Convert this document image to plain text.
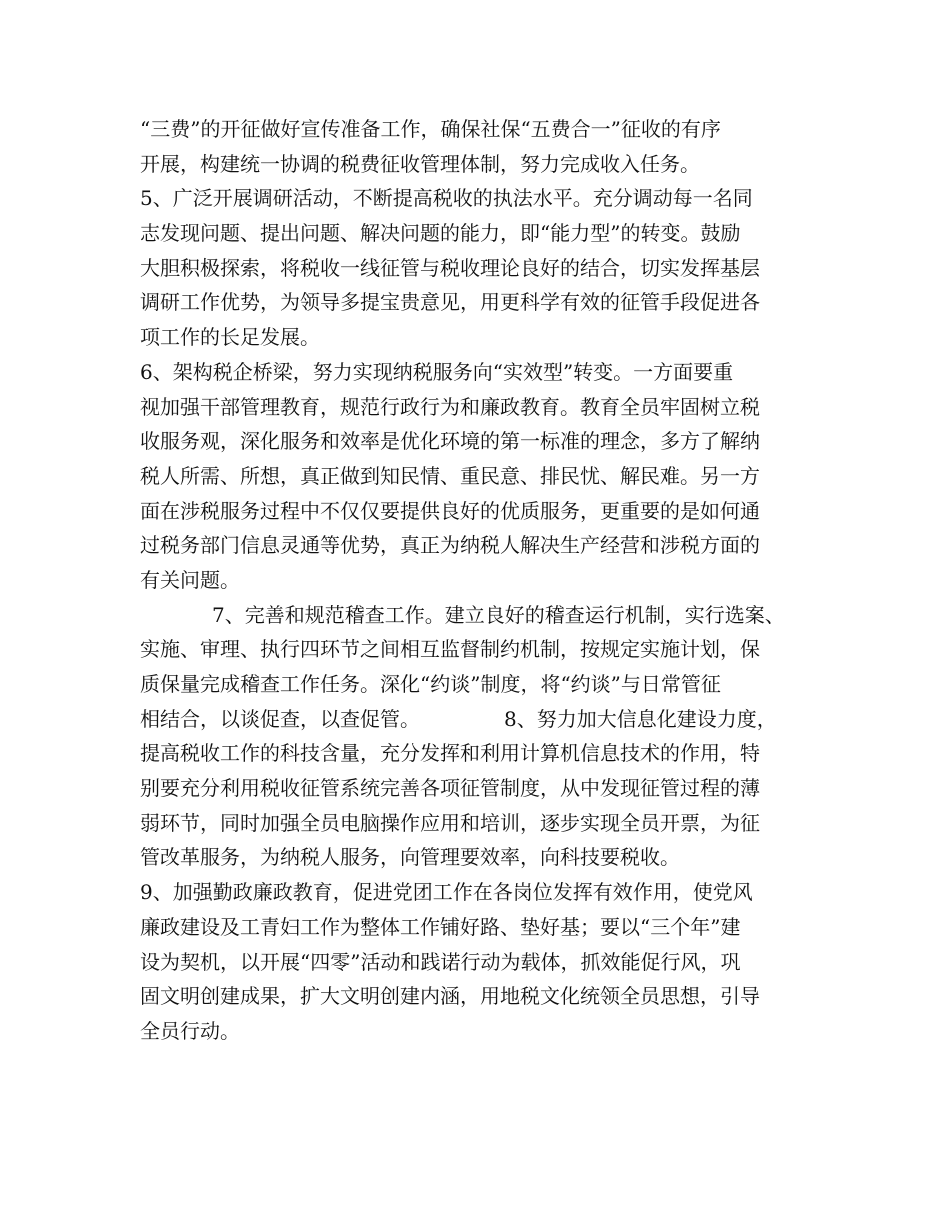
“三费”的开征做好宣传准备工作，确保社保“五费合一”征收的有序
开展，构建统一协调的税费征收管理体制，努力完成收入任务。
5、广泛开展调研活动，不断提高税收的执法水平。充分调动每一名同
志发现问题、提出问题、解决问题的能力，即“能力型”的转变。鼓励
大胆积极探索，将税收一线征管与税收理论良好的结合，切实发挥基层
调研工作优势，为领导多提宝贵意见，用更科学有效的征管手段促进各
项工作的长足发展。
6、架构税企桥梁，努力实现纳税服务向“实效型”转变。一方面要重
视加强干部管理教育，规范行政行为和廉政教育。教育全员牢固树立税
收服务观，深化服务和效率是优化环境的第一标准的理念，多方了解纳
税人所需、所想，真正做到知民情、重民意、排民忧、解民难。另一方
面在涉税服务过程中不仅仅要提供良好的优质服务，更重要的是如何通
过税务部门信息灵通等优势，真正为纳税人解决生产经营和涉税方面的
有关问题。
7、完善和规范稽查工作。建立良好的稽查运行机制，实行选案、
实施、审理、执行四环节之间相互监督制约机制，按规定实施计划，保
质保量完成稽查工作任务。深化“约谈”制度，将“约谈”与日常管征
相结合，以谈促查，以查促管。	8、努力加大信息化建设力度，
提高税收工作的科技含量，充分发挥和利用计算机信息技术的作用，特
别要充分利用税收征管系统完善各项征管制度，从中发现征管过程的薄
弱环节，同时加强全员电脑操作应用和培训，逐步实现全员开票，为征
管改革服务，为纳税人服务，向管理要效率，向科技要税收。
9、加强勤政廉政教育，促进党团工作在各岗位发挥有效作用，使党风
廉政建设及工青妇工作为整体工作铺好路、垫好基；要以“三个年”建
设为契机，以开展“四零”活动和践诺行动为载体，抓效能促行风，巩
固文明创建成果，扩大文明创建内涵，用地税文化统领全员思想，引导
全员行动。
